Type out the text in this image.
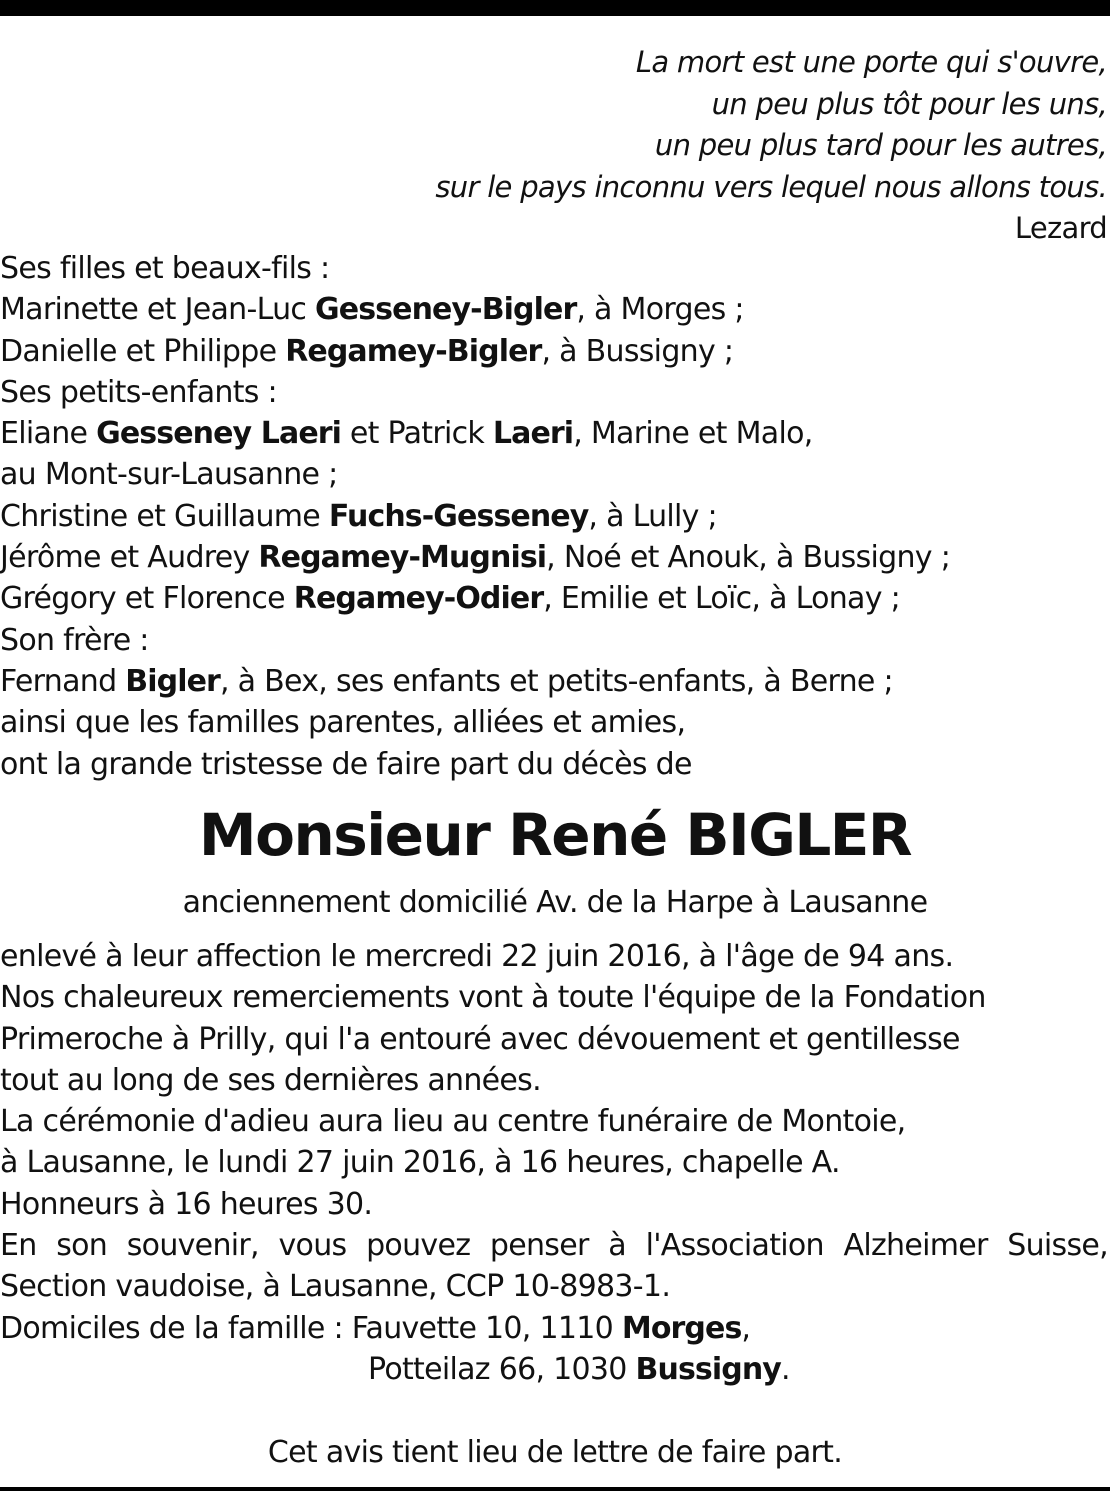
La mort est une porte qui s'ouvre,
un peu plus tôt pour les uns,
un peu plus tard pour les autres,
sur le pays inconnu vers lequel nous allons tous.
Lezard
Ses filles et beaux-fils :
Marinette et Jean-Luc Gesseney-Bigler, à Morges ;
Danielle et Philippe Regamey-Bigler, à Bussigny ;
Ses petits-enfants :
Eliane Gesseney Laeri et Patrick Laeri, Marine et Malo,
au Mont-sur-Lausanne ;
Christine et Guillaume Fuchs-Gesseney, à Lully ;
Jérôme et Audrey Regamey-Mugnisi, Noé et Anouk, à Bussigny ;
Grégory et Florence Regamey-Odier, Emilie et Loïc, à Lonay ;
Son frère :
Fernand Bigler, à Bex, ses enfants et petits-enfants, à Berne ;
ainsi que les familles parentes, alliées et amies,
ont la grande tristesse de faire part du décès de
Monsieur René BIGLER
anciennement domicilié Av. de la Harpe à Lausanne
enlevé à leur affection le mercredi 22 juin 2016, à l'âge de 94 ans.
Nos chaleureux remerciements vont à toute l'équipe de la Fondation
Primeroche à Prilly, qui l'a entouré avec dévouement et gentillesse
tout au long de ses dernières années.
La cérémonie d'adieu aura lieu au centre funéraire de Montoie,
à Lausanne, le lundi 27 juin 2016, à 16 heures, chapelle A.
Honneurs à 16 heures 30.
En son souvenir, vous pouvez penser à l'Association Alzheimer Suisse,
Section vaudoise, à Lausanne, CCP 10-8983-1.
Domiciles de la famille : Fauvette 10, 1110 Morges,
Potteilaz 66, 1030 Bussigny.
Cet avis tient lieu de lettre de faire part.
